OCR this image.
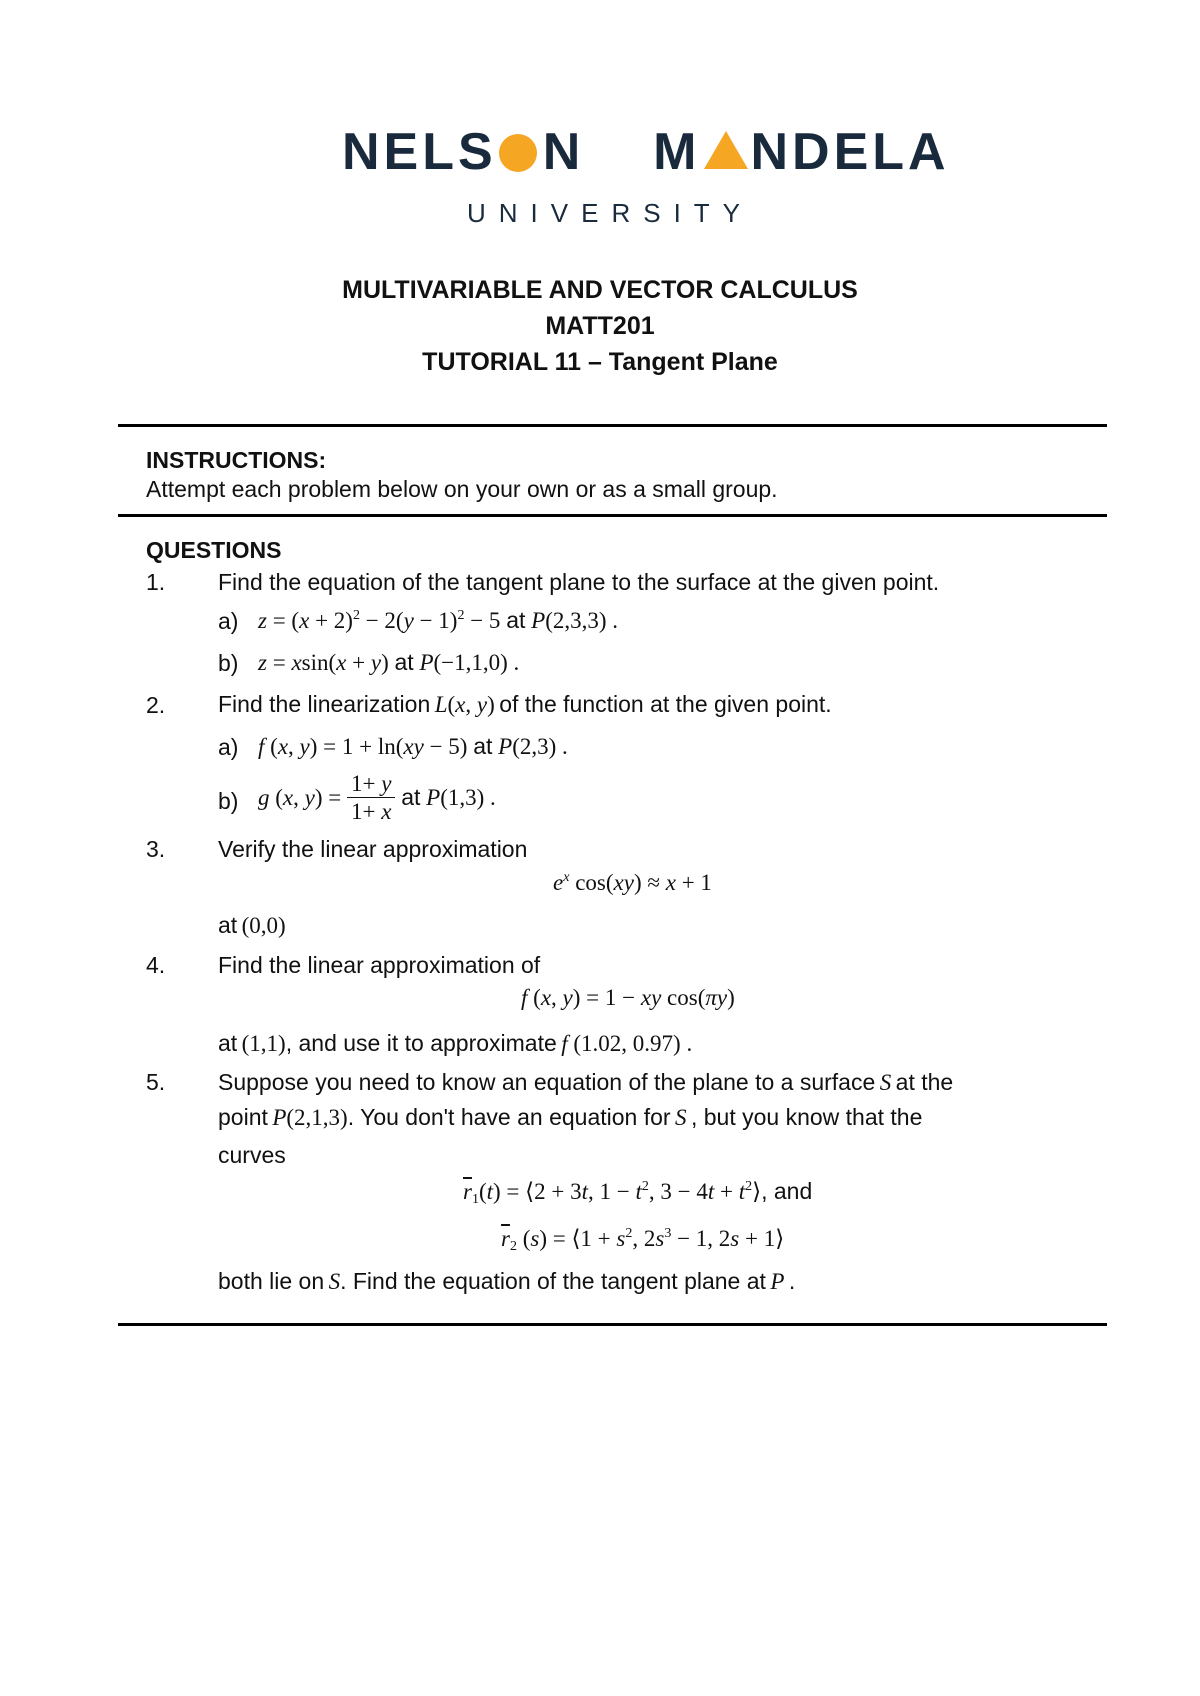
NELS N M NDELA
UNIVERSITY
MULTIVARIABLE AND VECTOR CALCULUS
MATT201
TUTORIAL 11 – Tangent Plane
INSTRUCTIONS:
Attempt each problem below on your own or as a small group.
QUESTIONS
1. Find the equation of the tangent plane to the surface at the given point.
a) $z = (x + 2)^2 - 2(y - 1)^2 - 5$ at P(2,3,3) .
b) z = xsin(x + y) at P(−1,1,0) .
2. Find the linearization L(x, y) of the function at the given point.
a) f (x, y) = 1 + ln(xy − 5) at P(2,3) .
b) g (x, $y) = \frac{1+ y}{1+ x}$ at P(1,3) .
3. Verify the linear approximation
$e^x$ cos(xy) ≈ x + 1
at (0,0)
4. Find the linear approximation of
f (x, y) = 1 − xy cos(πy)
at (1,1), and use it to approximate f (1.02, 0.97) .
5. Suppose you need to know an equation of the plane to a surface S at the
point P(2,1,3). You don't have an equation for S , but you know that the
curves
$\overline{r}_1(t)$ = ⟨2 + 3t, $1 - t^2$, $3 - 4t + t^2⟩$, and
$\overline{r}_2$ (s) = ⟨1 + $s^2$, $2s^3 - 1$, 2s + 1⟩
both lie on S. Find the equation of the tangent plane at P .
